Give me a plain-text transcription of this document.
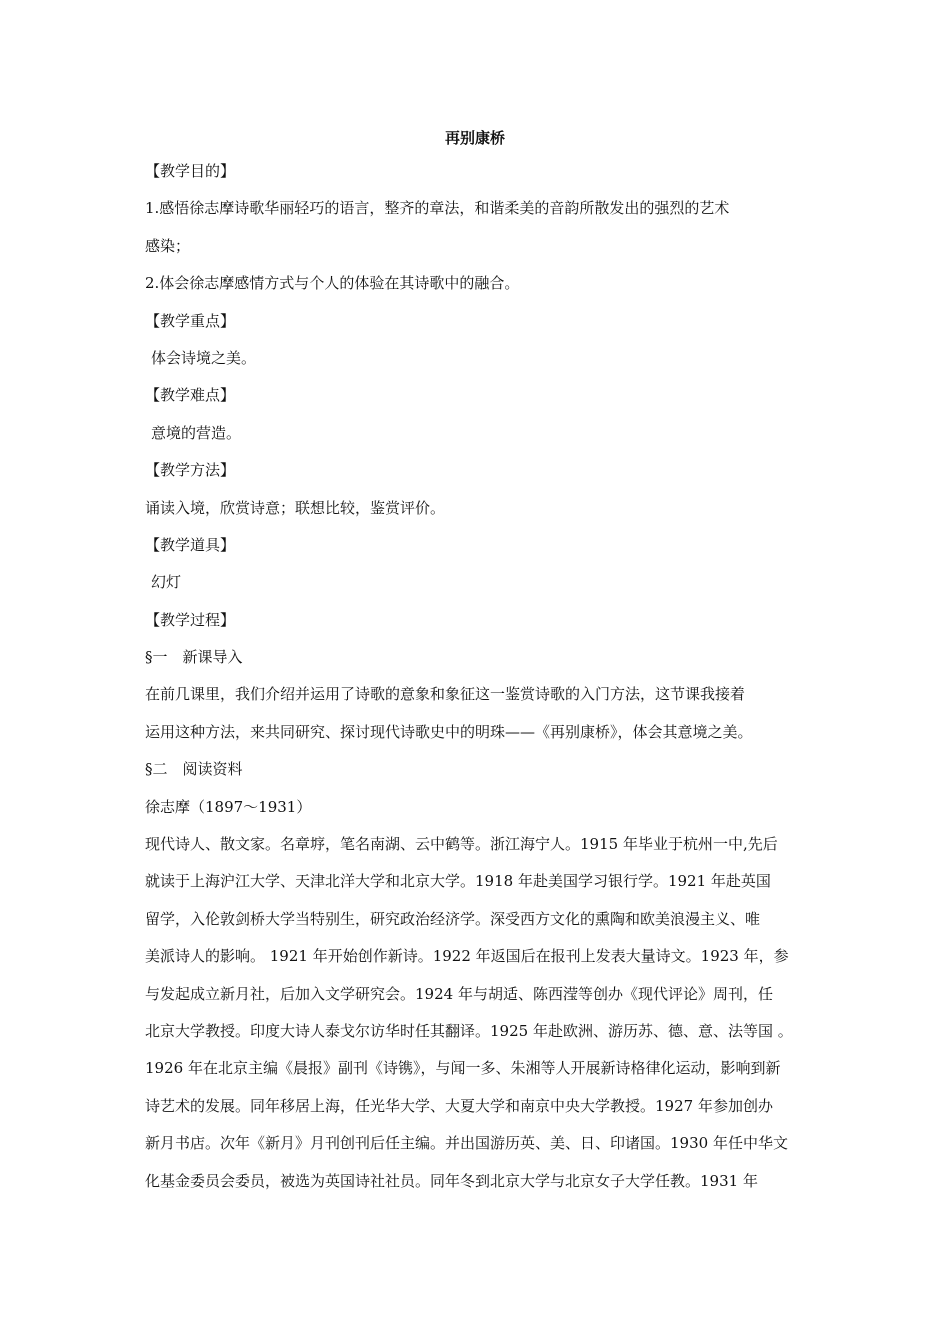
再别康桥
【教学目的】
1.感悟徐志摩诗歌华丽轻巧的语言，整齐的章法，和谐柔美的音韵所散发出的强烈的艺术
感染；
2.体会徐志摩感情方式与个人的体验在其诗歌中的融合。
【教学重点】
体会诗境之美。
【教学难点】
意境的营造。
【教学方法】
诵读入境，欣赏诗意；联想比较，鉴赏评价。
【教学道具】
幻灯
【教学过程】
§一　新课导入
在前几课里，我们介绍并运用了诗歌的意象和象征这一鉴赏诗歌的入门方法，这节课我接着
运用这种方法，来共同研究、探讨现代诗歌史中的明珠——《再别康桥》，体会其意境之美。
§二　阅读资料
徐志摩（1897～1931）
现代诗人、散文家。名章垿，笔名南湖、云中鹤等。浙江海宁人。1915 年毕业于杭州一中,先后
就读于上海沪江大学、天津北洋大学和北京大学。1918 年赴美国学习银行学。1921 年赴英国
留学，入伦敦剑桥大学当特别生，研究政治经济学。深受西方文化的熏陶和欧美浪漫主义、唯
美派诗人的影响。 1921 年开始创作新诗。1922 年返国后在报刊上发表大量诗文。1923 年，参
与发起成立新月社，后加入文学研究会。1924 年与胡适、陈西滢等创办《现代评论》周刊，任
北京大学教授。印度大诗人泰戈尔访华时任其翻译。1925 年赴欧洲、游历苏、德、意、法等国 。
1926 年在北京主编《晨报》副刊《诗镌》，与闻一多、朱湘等人开展新诗格律化运动，影响到新
诗艺术的发展。同年移居上海，任光华大学、大夏大学和南京中央大学教授。1927 年参加创办
新月书店。次年《新月》月刊创刊后任主编。并出国游历英、美、日、印诸国。1930 年任中华文
化基金委员会委员，被选为英国诗社社员。同年冬到北京大学与北京女子大学任教。1931 年
